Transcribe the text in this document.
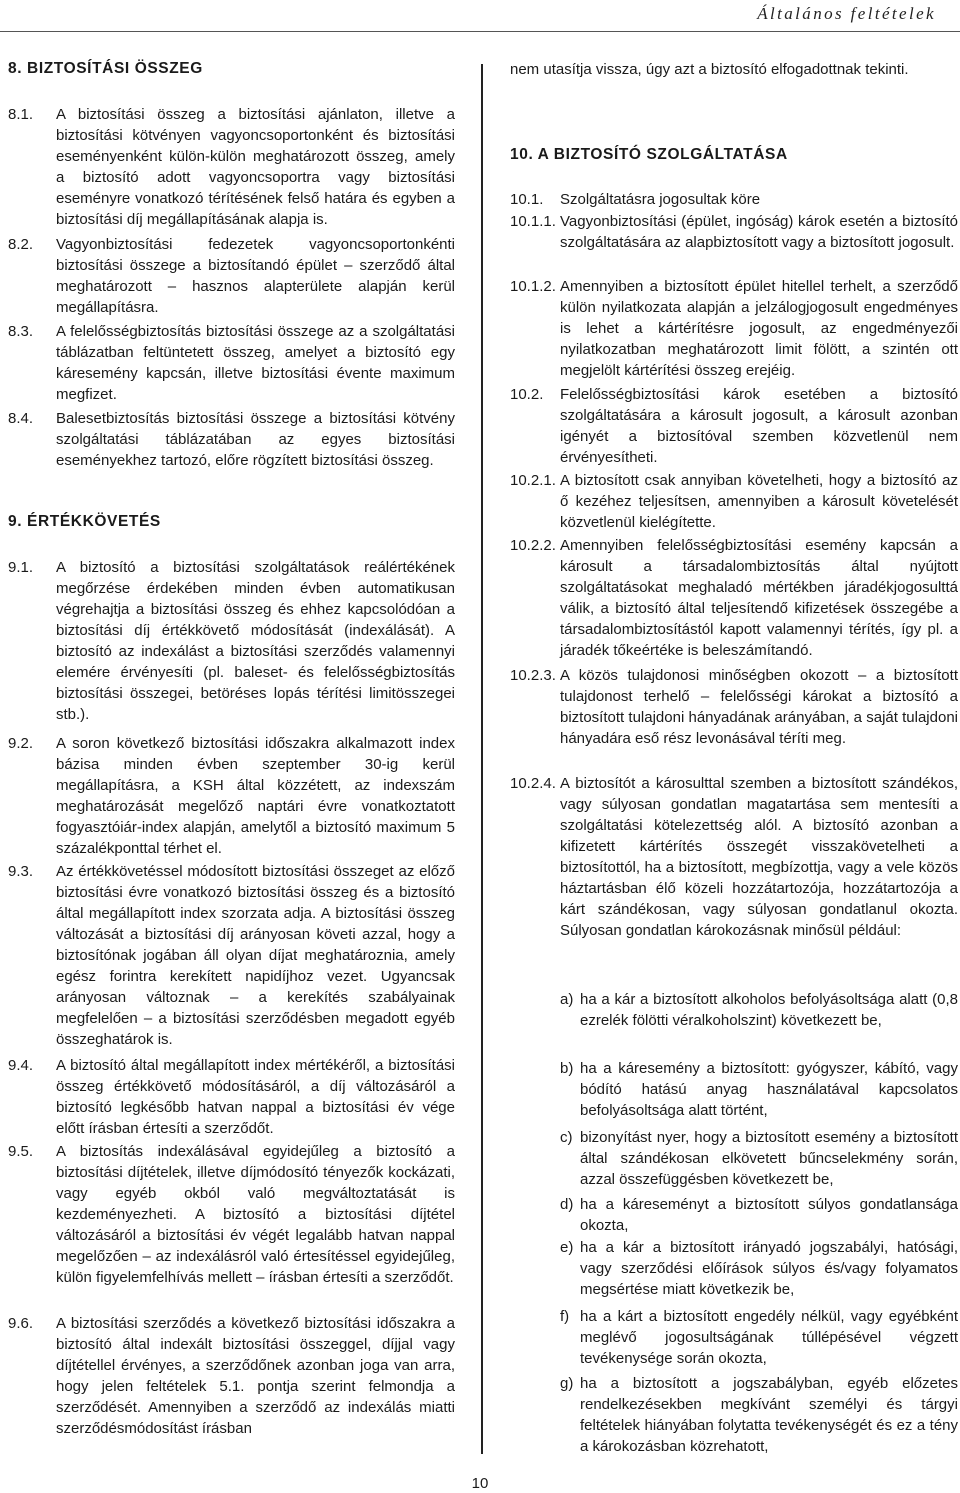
Általános feltételek
8. BIZTOSÍTÁSI ÖSSZEG
8.1. A biztosítási összeg a biztosítási ajánlaton, illetve a biztosítási kötvényen vagyoncsoportonként és biztosítási eseményenként külön-külön meghatározott összeg, amely a biztosító adott vagyoncsoportra vagy biztosítási eseményre vonatkozó térítésének felső határa és egyben a biztosítási díj megállapításának alapja is.
8.2. Vagyonbiztosítási fedezetek vagyoncsoportonkénti biztosítási összege a biztosítandó épület – szerződő által meghatározott – hasznos alapterülete alapján kerül megállapításra.
8.3. A felelősségbiztosítás biztosítási összege az a szolgáltatási táblázatban feltüntetett összeg, amelyet a biztosító egy káresemény kapcsán, illetve biztosítási évente maximum megfizet.
8.4. Balesetbiztosítás biztosítási összege a biztosítási kötvény szolgáltatási táblázatában az egyes biztosítási eseményekhez tartozó, előre rögzített biztosítási összeg.
9. ÉRTÉKKÖVETÉS
9.1. A biztosító a biztosítási szolgáltatások reálértékének megőrzése érdekében minden évben automatikusan végrehajtja a biztosítási összeg és ehhez kapcsolódóan a biztosítási díj értékkövető módosítását (indexálását). A biztosító az indexálást a biztosítási szerződés valamennyi elemére érvényesíti (pl. baleset- és felelősségbiztosítás biztosítási összegei, betöréses lopás térítési limitösszegei stb.).
9.2. A soron következő biztosítási időszakra alkalmazott index bázisa minden évben szeptember 30-ig kerül megállapításra, a KSH által közzétett, az indexszám meghatározását megelőző naptári évre vonatkoztatott fogyasztóiár-index alapján, amelytől a biztosító maximum 5 százalékponttal térhet el.
9.3. Az értékkövetéssel módosított biztosítási összeget az előző biztosítási évre vonatkozó biztosítási összeg és a biztosító által megállapított index szorzata adja. A biztosítási összeg változását a biztosítási díj arányosan követi azzal, hogy a biztosítónak jogában áll olyan díjat meghatároznia, amely egész forintra kerekített napidíjhoz vezet. Ugyancsak arányosan változnak – a kerekítés szabályainak megfelelően – a biztosítási szerződésben megadott egyéb összeghatárok is.
9.4. A biztosító által megállapított index mértékéről, a biztosítási összeg értékkövető módosításáról, a díj változásáról a biztosító legkésőbb hatvan nappal a biztosítási év vége előtt írásban értesíti a szerződőt.
9.5. A biztosítás indexálásával egyidejűleg a biztosító a biztosítási díjtételek, illetve díjmódosító tényezők kockázati, vagy egyéb okból való megváltoztatását is kezdeményezheti. A biztosító a biztosítási díjtétel változásáról a biztosítási év végét legalább hatvan nappal megelőzően – az indexálásról való értesítéssel egyidejűleg, külön figyelemfelhívás mellett – írásban értesíti a szerződőt.
9.6. A biztosítási szerződés a következő biztosítási időszakra a biztosító által indexált biztosítási összeggel, díjjal vagy díjtétellel érvényes, a szerződőnek azonban joga van arra, hogy jelen feltételek 5.1. pontja szerint felmondja a szerződését. Amennyiben a szerződő az indexálás miatti szerződésmódosítást írásban
nem utasítja vissza, úgy azt a biztosító elfogadottnak tekinti.
10. A BIZTOSÍTÓ SZOLGÁLTATÁSA
10.1. Szolgáltatásra jogosultak köre
10.1.1. Vagyonbiztosítási (épület, ingóság) károk esetén a biztosító szolgáltatására az alapbiztosított vagy a biztosított jogosult.
10.1.2. Amennyiben a biztosított épület hitellel terhelt, a szerződő külön nyilatkozata alapján a jelzálogjogosult engedményes is lehet a kártérítésre jogosult, az engedményezői nyilatkozatban meghatározott limit fölött, a szintén ott megjelölt kártérítési összeg erejéig.
10.2. Felelősségbiztosítási károk esetében a biztosító szolgáltatására a károsult jogosult, a károsult azonban igényét a biztosítóval szemben közvetlenül nem érvényesítheti.
10.2.1. A biztosított csak annyiban követelheti, hogy a biztosító az ő kezéhez teljesítsen, amennyiben a károsult követelését közvetlenül kielégítette.
10.2.2. Amennyiben felelősségbiztosítási esemény kapcsán a károsult a társadalombiztosítás által nyújtott szolgáltatásokat meghaladó mértékben járadékjogosulttá válik, a biztosító által teljesítendő kifizetések összegébe a társadalombiztosítástól kapott valamennyi térítés, így pl. a járadék tőkeértéke is beleszámítandó.
10.2.3. A közös tulajdonosi minőségben okozott – a biztosított tulajdonost terhelő – felelősségi károkat a biztosító a biztosított tulajdoni hányadának arányában, a saját tulajdoni hányadára eső rész levonásával téríti meg.
10.2.4. A biztosítót a károsulttal szemben a biztosított szándékos, vagy súlyosan gondatlan magatartása sem mentesíti a szolgáltatási kötelezettség alól. A biztosító azonban a kifizetett kártérítés összegét visszakövetelheti a biztosítottól, ha a biztosított, megbízottja, vagy a vele közös háztartásban élő közeli hozzátartozója, hozzátartozója a kárt szándékosan, vagy súlyosan gondatlanul okozta. Súlyosan gondatlan károkozásnak minősül például:
a) ha a kár a biztosított alkoholos befolyásoltsága alatt (0,8 ezrelék fölötti véralkoholszint) következett be,
b) ha a káresemény a biztosított: gyógyszer, kábító, vagy bódító hatású anyag használatával kapcsolatos befolyásoltsága alatt történt,
c) bizonyítást nyer, hogy a biztosított esemény a biztosított által szándékosan elkövetett bűncselekmény során, azzal összefüggésben következett be,
d) ha a káreseményt a biztosított súlyos gondatlansága okozta,
e) ha a kár a biztosított irányadó jogszabályi, hatósági, vagy szerződési előírások súlyos és/vagy folyamatos megsértése miatt következik be,
f) ha a kárt a biztosított engedély nélkül, vagy egyébként meglévő jogosultságának túllépésével végzett tevékenysége során okozta,
g) ha a biztosított a jogszabályban, egyéb előzetes rendelkezésekben megkívánt személyi és tárgyi feltételek hiányában folytatta tevékenységét és ez a tény a károkozásban közrehatott,
10
